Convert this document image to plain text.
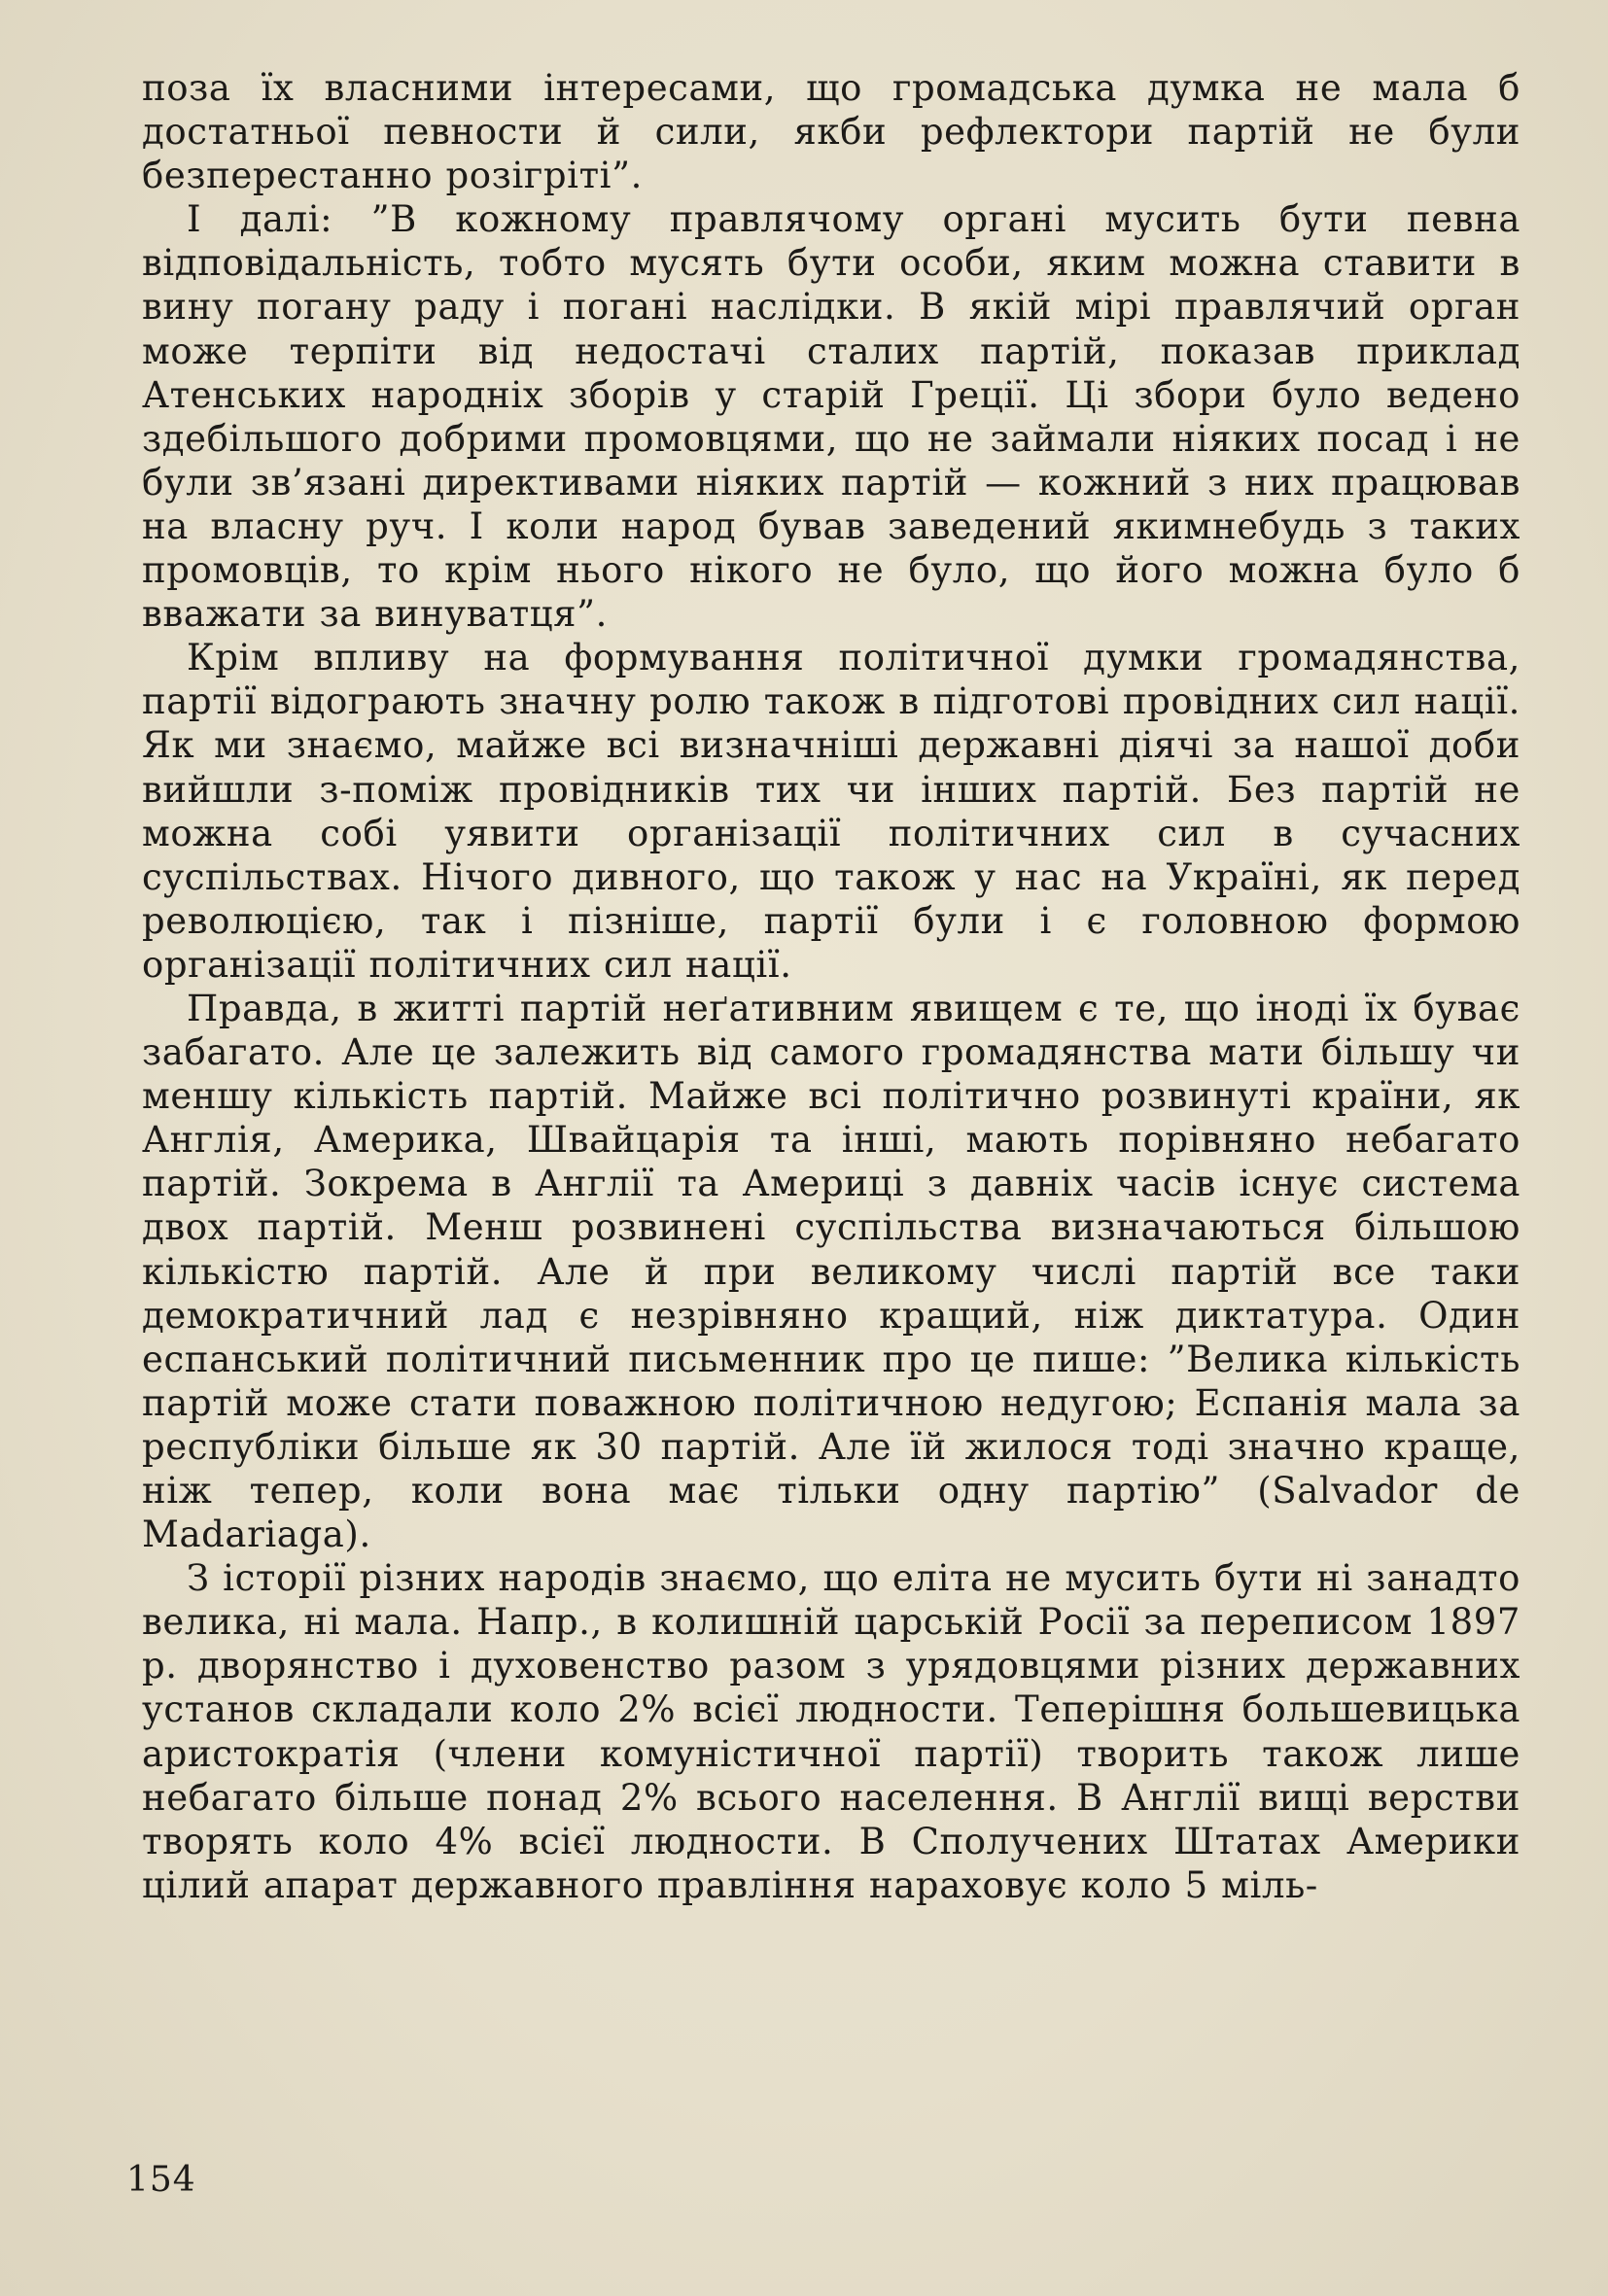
поза їх власними інтересами, що громадська думка не мала б достатньої певности й сили, якби рефлектори партій не були безперестанно розігріті”.

І далі: ”В кожному правлячому органі мусить бути певна відповідальність, тобто мусять бути особи, яким можна ставити в вину погану раду і погані наслідки. В якій мірі правлячий орган може терпіти від недостачі сталих партій, показав приклад Атенських народніх зборів у старій Греції. Ці збори було ведено здебільшого добрими промовцями, що не займали ніяких посад і не були зв’язані директивами ніяких партій — кожний з них працював на власну руч. І коли народ бував заведений якимнебудь з таких промовців, то крім нього нікого не було, що його можна було б вважати за винуватця”.

Крім впливу на формування політичної думки громадянства, партії відограють значну ролю також в підготові провідних сил нації. Як ми знаємо, майже всі визначніші державні діячі за нашої доби вийшли з-поміж провідників тих чи інших партій. Без партій не можна собі уявити організації політичних сил в сучасних суспільствах. Нічого дивного, що також у нас на Україні, як перед революцією, так і пізніше, партії були і є головною формою організації політичних сил нації.

Правда, в житті партій неґативним явищем є те, що іноді їх буває забагато. Але це залежить від самого громадянства мати більшу чи меншу кількість партій. Майже всі політично розвинуті країни, як Англія, Америка, Швайцарія та інші, мають порівняно небагато партій. Зокрема в Англії та Америці з давніх часів існує система двох партій. Менш розвинені суспільства визначаються більшою кількістю партій. Але й при великому числі партій все таки демократичний лад є незрівняно кращий, ніж диктатура. Один еспанський політичний письменник про це пише: ”Велика кількість партій може стати поважною політичною недугою; Еспанія мала за республіки більше як 30 партій. Але їй жилося тоді значно краще, ніж тепер, коли вона має тільки одну партію” (Salvador de Madariaga).

З історії різних народів знаємо, що еліта не мусить бути ні занадто велика, ні мала. Напр., в колишній царській Росії за переписом 1897 р. дворянство і духовенство разом з урядовцями різних державних установ складали коло 2% всієї людности. Теперішня большевицька аристократія (члени комуністичної партії) творить також лише небагато більше понад 2% всього населення. В Англії вищі верстви творять коло 4% всієї людности. В Сполучених Штатах Америки цілий апарат державного правління нараховує коло 5 міль-

154
